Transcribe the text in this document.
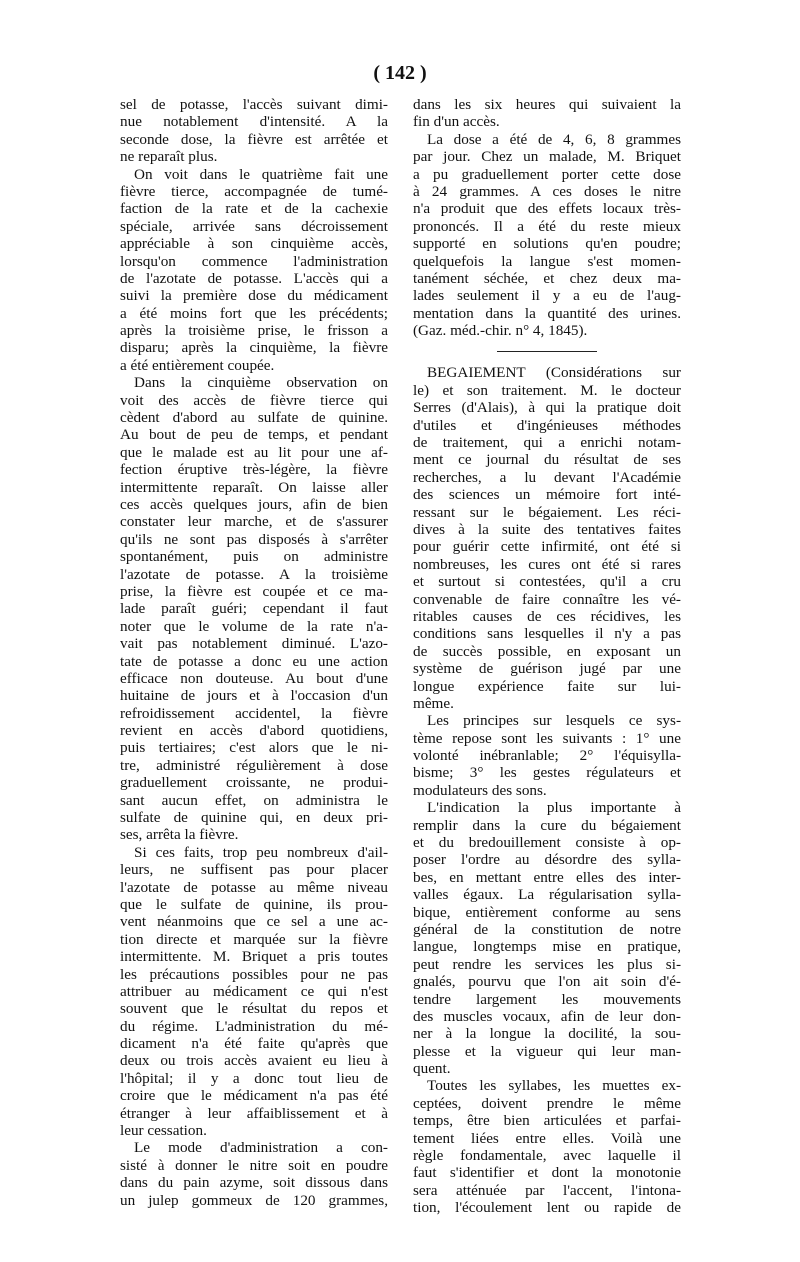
( 142 )
sel de potasse, l'accès suivant dimi-
nue notablement d'intensité. A la
seconde dose, la fièvre est arrêtée et
ne reparaît plus.
On voit dans le quatrième fait une
fièvre tierce, accompagnée de tumé-
faction de la rate et de la cachexie
spéciale, arrivée sans décroissement
appréciable à son cinquième accès,
lorsqu'on commence l'administration
de l'azotate de potasse. L'accès qui a
suivi la première dose du médicament
a été moins fort que les précédents;
après la troisième prise, le frisson a
disparu; après la cinquième, la fièvre
a été entièrement coupée.
Dans la cinquième observation on
voit des accès de fièvre tierce qui
cèdent d'abord au sulfate de quinine.
Au bout de peu de temps, et pendant
que le malade est au lit pour une af-
fection éruptive très-légère, la fièvre
intermittente reparaît. On laisse aller
ces accès quelques jours, afin de bien
constater leur marche, et de s'assurer
qu'ils ne sont pas disposés à s'arrêter
spontanément, puis on administre
l'azotate de potasse. A la troisième
prise, la fièvre est coupée et ce ma-
lade paraît guéri; cependant il faut
noter que le volume de la rate n'a-
vait pas notablement diminué. L'azo-
tate de potasse a donc eu une action
efficace non douteuse. Au bout d'une
huitaine de jours et à l'occasion d'un
refroidissement accidentel, la fièvre
revient en accès d'abord quotidiens,
puis tertiaires; c'est alors que le ni-
tre, administré régulièrement à dose
graduellement croissante, ne produi-
sant aucun effet, on administra le
sulfate de quinine qui, en deux pri-
ses, arrêta la fièvre.
Si ces faits, trop peu nombreux d'ail-
leurs, ne suffisent pas pour placer
l'azotate de potasse au même niveau
que le sulfate de quinine, ils prou-
vent néanmoins que ce sel a une ac-
tion directe et marquée sur la fièvre
intermittente. M. Briquet a pris toutes
les précautions possibles pour ne pas
attribuer au médicament ce qui n'est
souvent que le résultat du repos et
du régime. L'administration du mé-
dicament n'a été faite qu'après que
deux ou trois accès avaient eu lieu à
l'hôpital; il y a donc tout lieu de
croire que le médicament n'a pas été
étranger à leur affaiblissement et à
leur cessation.
Le mode d'administration a con-
sisté à donner le nitre soit en poudre
dans du pain azyme, soit dissous dans
un julep gommeux de 120 grammes,
dans les six heures qui suivaient la
fin d'un accès.
La dose a été de 4, 6, 8 grammes
par jour. Chez un malade, M. Briquet
a pu graduellement porter cette dose
à 24 grammes. A ces doses le nitre
n'a produit que des effets locaux très-
prononcés. Il a été du reste mieux
supporté en solutions qu'en poudre;
quelquefois la langue s'est momen-
tanément séchée, et chez deux ma-
lades seulement il y a eu de l'aug-
mentation dans la quantité des urines.
(Gaz. méd.-chir. n° 4, 1845).
BEGAIEMENT (Considérations sur
le) et son traitement. M. le docteur
Serres (d'Alais), à qui la pratique doit
d'utiles et d'ingénieuses méthodes
de traitement, qui a enrichi notam-
ment ce journal du résultat de ses
recherches, a lu devant l'Académie
des sciences un mémoire fort inté-
ressant sur le bégaiement. Les réci-
dives à la suite des tentatives faites
pour guérir cette infirmité, ont été si
nombreuses, les cures ont été si rares
et surtout si contestées, qu'il a cru
convenable de faire connaître les vé-
ritables causes de ces récidives, les
conditions sans lesquelles il n'y a pas
de succès possible, en exposant un
système de guérison jugé par une
longue expérience faite sur lui-
même.
Les principes sur lesquels ce sys-
tème repose sont les suivants : 1° une
volonté inébranlable; 2° l'équisylla-
bisme; 3° les gestes régulateurs et
modulateurs des sons.
L'indication la plus importante à
remplir dans la cure du bégaiement
et du bredouillement consiste à op-
poser l'ordre au désordre des sylla-
bes, en mettant entre elles des inter-
valles égaux. La régularisation sylla-
bique, entièrement conforme au sens
général de la constitution de notre
langue, longtemps mise en pratique,
peut rendre les services les plus si-
gnalés, pourvu que l'on ait soin d'é-
tendre largement les mouvements
des muscles vocaux, afin de leur don-
ner à la longue la docilité, la sou-
plesse et la vigueur qui leur man-
quent.
Toutes les syllabes, les muettes ex-
ceptées, doivent prendre le même
temps, être bien articulées et parfai-
tement liées entre elles. Voilà une
règle fondamentale, avec laquelle il
faut s'identifier et dont la monotonie
sera atténuée par l'accent, l'intona-
tion, l'écoulement lent ou rapide de
